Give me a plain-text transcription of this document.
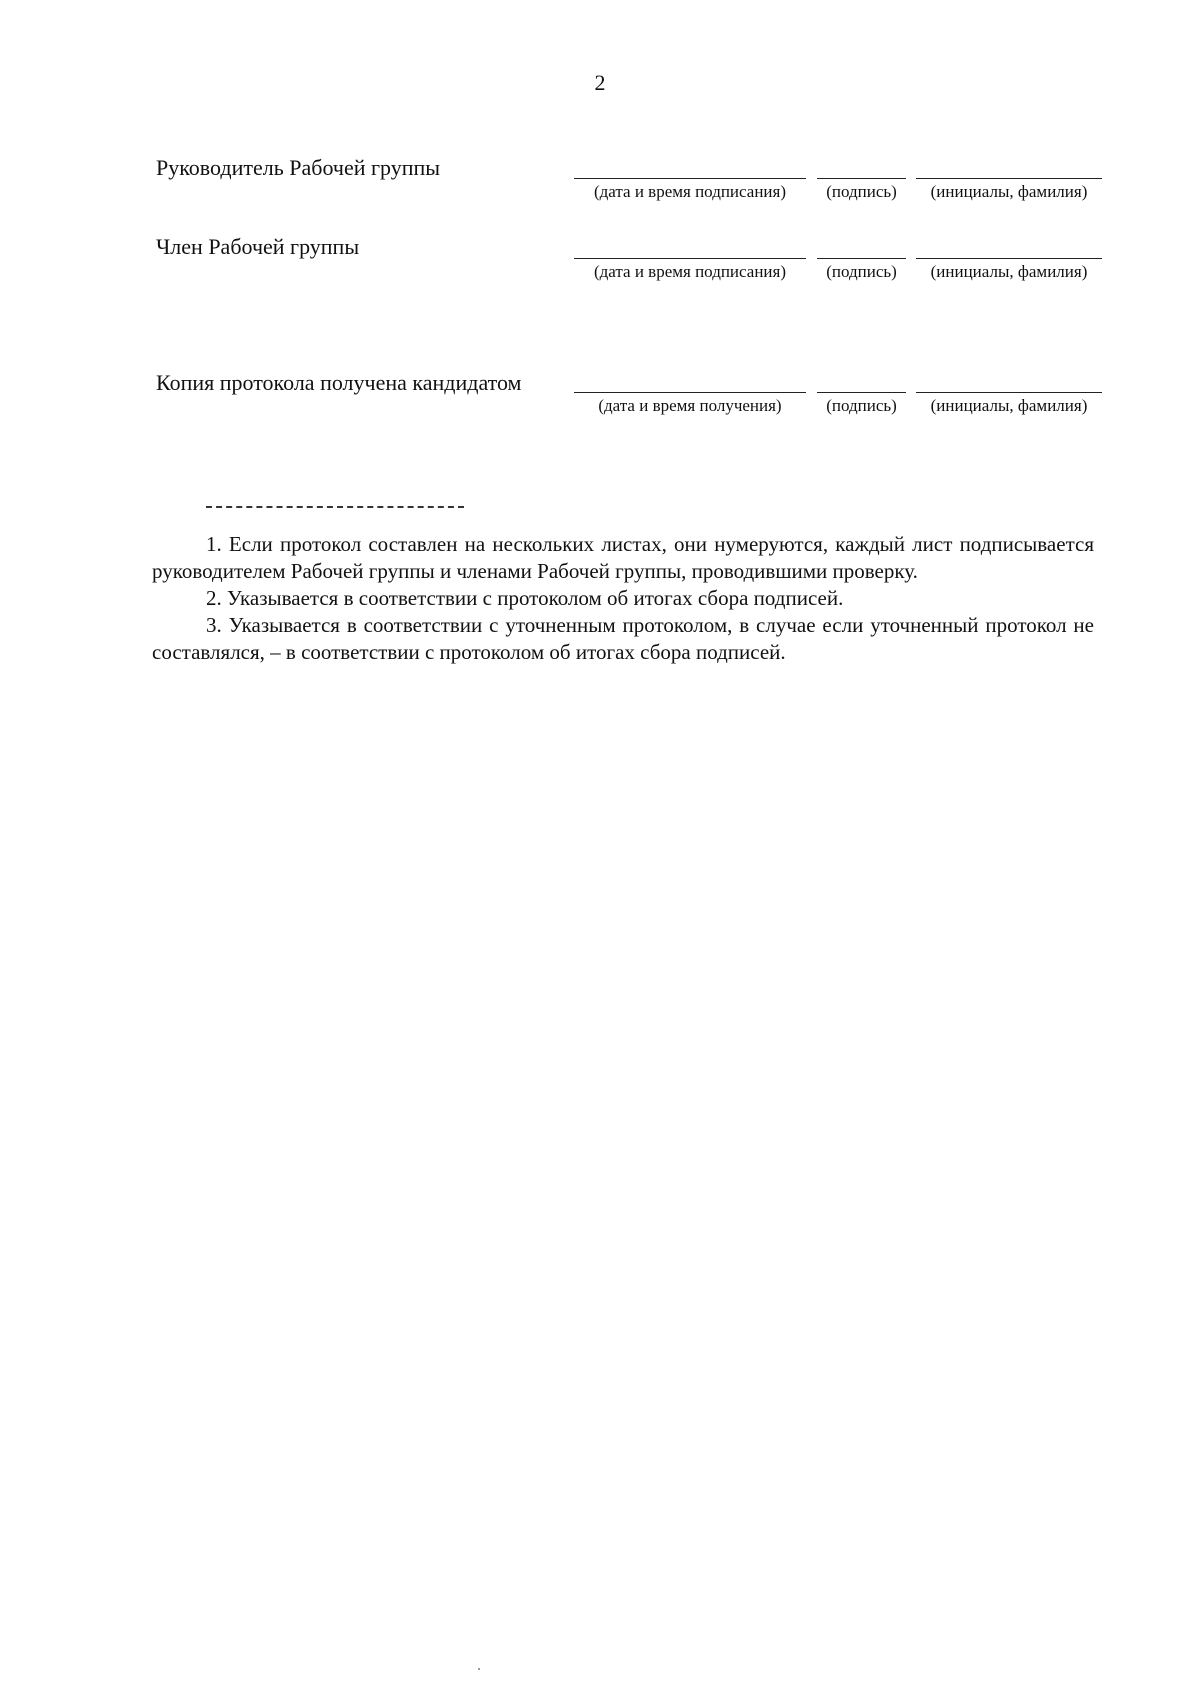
2
Руководитель Рабочей группы
(дата и время подписания)	(подпись)	(инициалы, фамилия)
Член Рабочей группы
(дата и время подписания)	(подпись)	(инициалы, фамилия)
Копия протокола получена кандидатом
(дата и время получения)	(подпись)	(инициалы, фамилия)

1. Если протокол составлен на нескольких листах, они нумеруются, каждый лист подписывается руководителем Рабочей группы и членами Рабочей группы, проводившими проверку.

2. Указывается в соответствии с протоколом об итогах сбора подписей.

3. Указывается в соответствии с уточненным протоколом, в случае если уточненный протокол не составлялся, – в соответствии с протоколом об итогах сбора подписей.
